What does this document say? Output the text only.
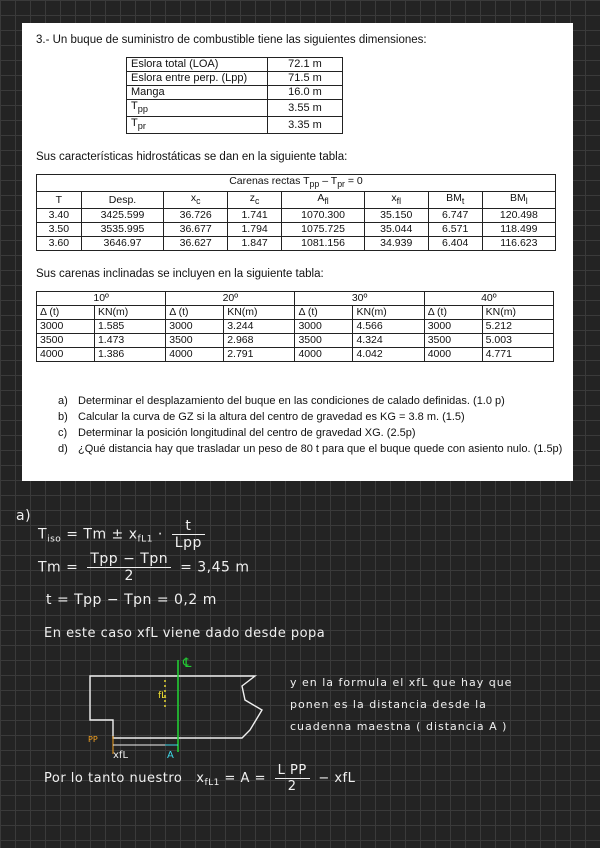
3.- Un buque de suministro de combustible tiene las siguientes dimensiones:
Eslora total (LOA)	72.1 m
Eslora entre perp. (Lpp)	71.5 m
Manga	16.0 m
$T_{pp}$	3.55 m
$T_{pr}$	3.35 m
Sus características hidrostáticas se dan en la siguiente tabla:
Carenas rectas $T_{pp} - T_{pr} = 0$							
T	Desp.	$x_c$	$z_c$	$A_{fl}$	$x_{fl}$	$BM_t$	$BM_l$
3.40	3425.599	36.726	1.741	1070.300	35.150	6.747	120.498
3.50	3535.995	36.677	1.794	1075.725	35.044	6.571	118.499
3.60	3646.97	36.627	1.847	1081.156	34.939	6.404	116.623
Sus carenas inclinadas se incluyen en la siguiente tabla:
10º		20º		30º		40º	
Δ (t)	KN(m)	Δ (t)	KN(m)	Δ (t)	KN(m)	Δ (t)	KN(m)
3000	1.585	3000	3.244	3000	4.566	3000	5.212
3500	1.473	3500	2.968	3500	4.324	3500	5.003
4000	1.386	4000	2.791	4000	4.042	4000	4.771
a) Determinar el desplazamiento del buque en las condiciones de calado definidas. (1.0 p)
b) Calcular la curva de GZ si la altura del centro de gravedad es KG = 3.8 m. (1.5)
c) Determinar la posición longitudinal del centro de gravedad XG. (2.5p)
d) ¿Qué distancia hay que trasladar un peso de 80 t para que el buque quede con asiento nulo. (1.5p)
a)
$T_{iso} = Tm \pm x_{fL1} \cdot \frac{t}{\text{Lpp}}$
$Tm = \frac{\text{Tpp − Tpn}}{2} = 3,45$ m
t = Tpp − Tpn = 0,2 m
En este caso xfL viene dado desde popa
℄
PP
fL
xfL	A
y en la formula el xfL que hay que
ponen es la distancia desde la
cuadenna maestna ( distancia A )
Por lo tanto nuestro $x_{fL1} = A = \frac{\text{L PP}}{2}$ − xfL
